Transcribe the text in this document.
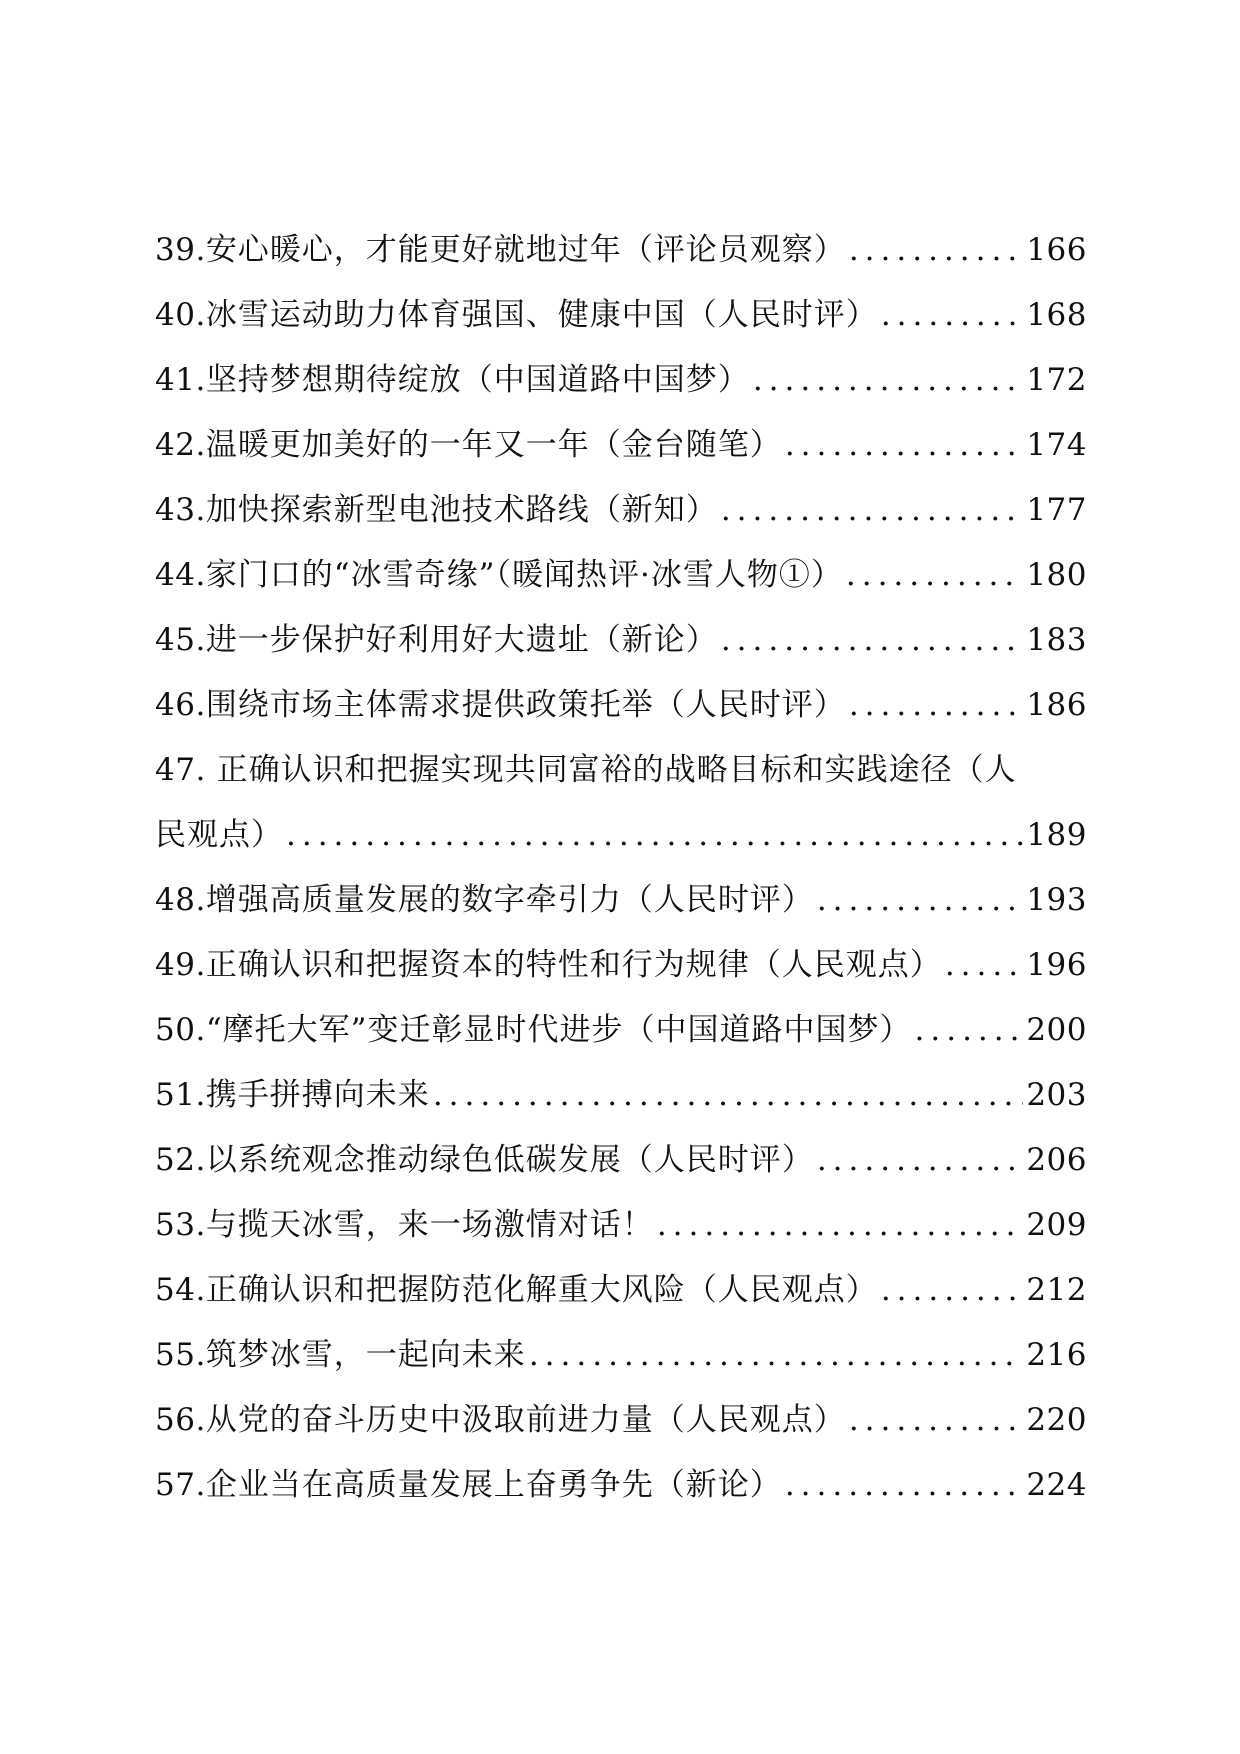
39. 安心暖心，才能更好就地过年（评论员观察） .....	166
40. 冰雪运动助力体育强国、健康中国（人民时评） .....	168
41. 坚持梦想期待绽放（中国道路中国梦） .....	172
42. 温暖更加美好的一年又一年（金台随笔） .....	174
43. 加快探索新型电池技术路线（新知） .....	177
44. 家门口的“冰雪奇缘”（暖闻热评·冰雪人物①） .....	180
45. 进一步保护好利用好大遗址（新论） .....	183
46. 围绕市场主体需求提供政策托举（人民时评） .....	186
47. 正确认识和把握实现共同富裕的战略目标和实践途径（人
民观点） .....	189
48. 增强高质量发展的数字牵引力（人民时评） .....	193
49. 正确认识和把握资本的特性和行为规律（人民观点） .....	196
50. “摩托大军”变迁彰显时代进步（中国道路中国梦） .....	200
51. 携手拼搏向未来 .....	203
52. 以系统观念推动绿色低碳发展（人民时评） .....	206
53. 与揽天冰雪，来一场激情对话！ .....	209
54. 正确认识和把握防范化解重大风险（人民观点） .....	212
55. 筑梦冰雪，一起向未来 .....	216
56. 从党的奋斗历史中汲取前进力量（人民观点） .....	220
57. 企业当在高质量发展上奋勇争先（新论） .....	224
